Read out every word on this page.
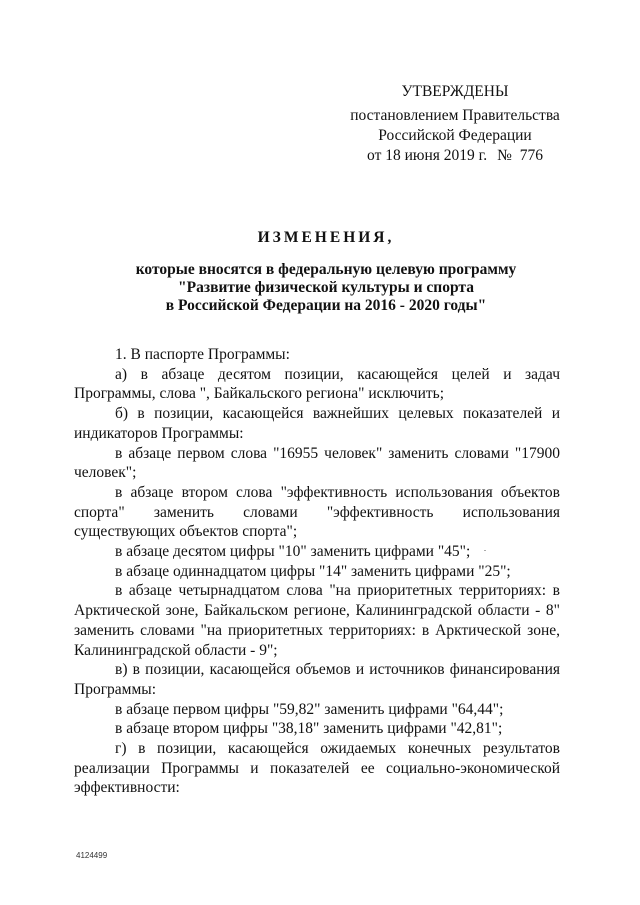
УТВЕРЖДЕНЫ
постановлением Правительства
Российской Федерации
от 18 июня 2019 г. №  776
ИЗМЕНЕНИЯ,
которые вносятся в федеральную целевую программу
"Развитие физической культуры и спорта
в Российской Федерации на 2016 - 2020 годы"

1. В паспорте Программы:

а) в абзаце десятом позиции, касающейся целей и задач Программы, слова ", Байкальского региона" исключить;

б) в позиции, касающейся важнейших целевых показателей и индикаторов Программы:

в абзаце первом слова "16955 человек" заменить словами "17900 человек";

в абзаце втором слова "эффективность использования объектов спорта" заменить словами "эффективность использования существующих объектов спорта";

в абзаце десятом цифры "10" заменить цифрами "45";

в абзаце одиннадцатом цифры "14" заменить цифрами "25";

в абзаце четырнадцатом слова "на приоритетных территориях: в Арктической зоне, Байкальском регионе, Калининградской области - 8" заменить словами "на приоритетных территориях: в Арктической зоне, Калининградской области - 9";

в) в позиции, касающейся объемов и источников финансирования Программы:

в абзаце первом цифры "59,82" заменить цифрами "64,44";

в абзаце втором цифры "38,18" заменить цифрами "42,81";

г) в позиции, касающейся ожидаемых конечных результатов реализации Программы и показателей ее социально-экономической эффективности:

4124499
